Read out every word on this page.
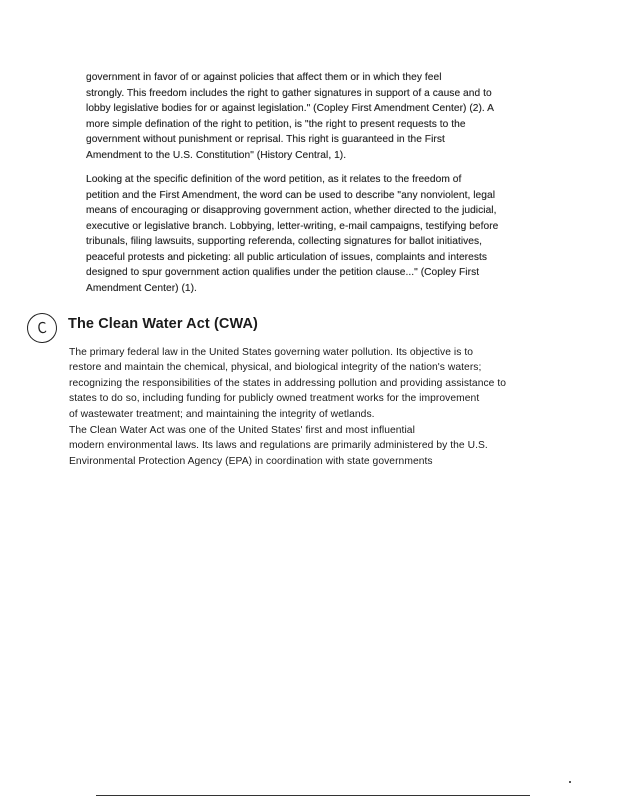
government in favor of or against policies that affect them or in which they feel
strongly. This freedom includes the right to gather signatures in support of a cause and to
lobby legislative bodies for or against legislation." (Copley First Amendment Center) (2). A
more simple defination of the right to petition, is "the right to present requests to the
government without punishment or reprisal. This right is guaranteed in the First
Amendment to the U.S. Constitution" (History Central, 1).

Looking at the specific definition of the word petition, as it relates to the freedom of
petition and the First Amendment, the word can be used to describe "any nonviolent, legal
means of encouraging or disapproving government action, whether directed to the judicial,
executive or legislative branch. Lobbying, letter-writing, e-mail campaigns, testifying before
tribunals, filing lawsuits, supporting referenda, collecting signatures for ballot initiatives,
peaceful protests and picketing: all public articulation of issues, complaints and interests
designed to spur government action qualifies under the petition clause..." (Copley First
Amendment Center) (1).

C	The Clean Water Act (CWA)

The primary federal law in the United States governing water pollution. Its objective is to
restore and maintain the chemical, physical, and biological integrity of the nation's waters;
recognizing the responsibilities of the states in addressing pollution and providing assistance to
states to do so, including funding for publicly owned treatment works for the improvement
of wastewater treatment; and maintaining the integrity of wetlands.

The Clean Water Act was one of the United States' first and most influential
modern environmental laws. Its laws and regulations are primarily administered by the U.S.
Environmental Protection Agency (EPA) in coordination with state governments
